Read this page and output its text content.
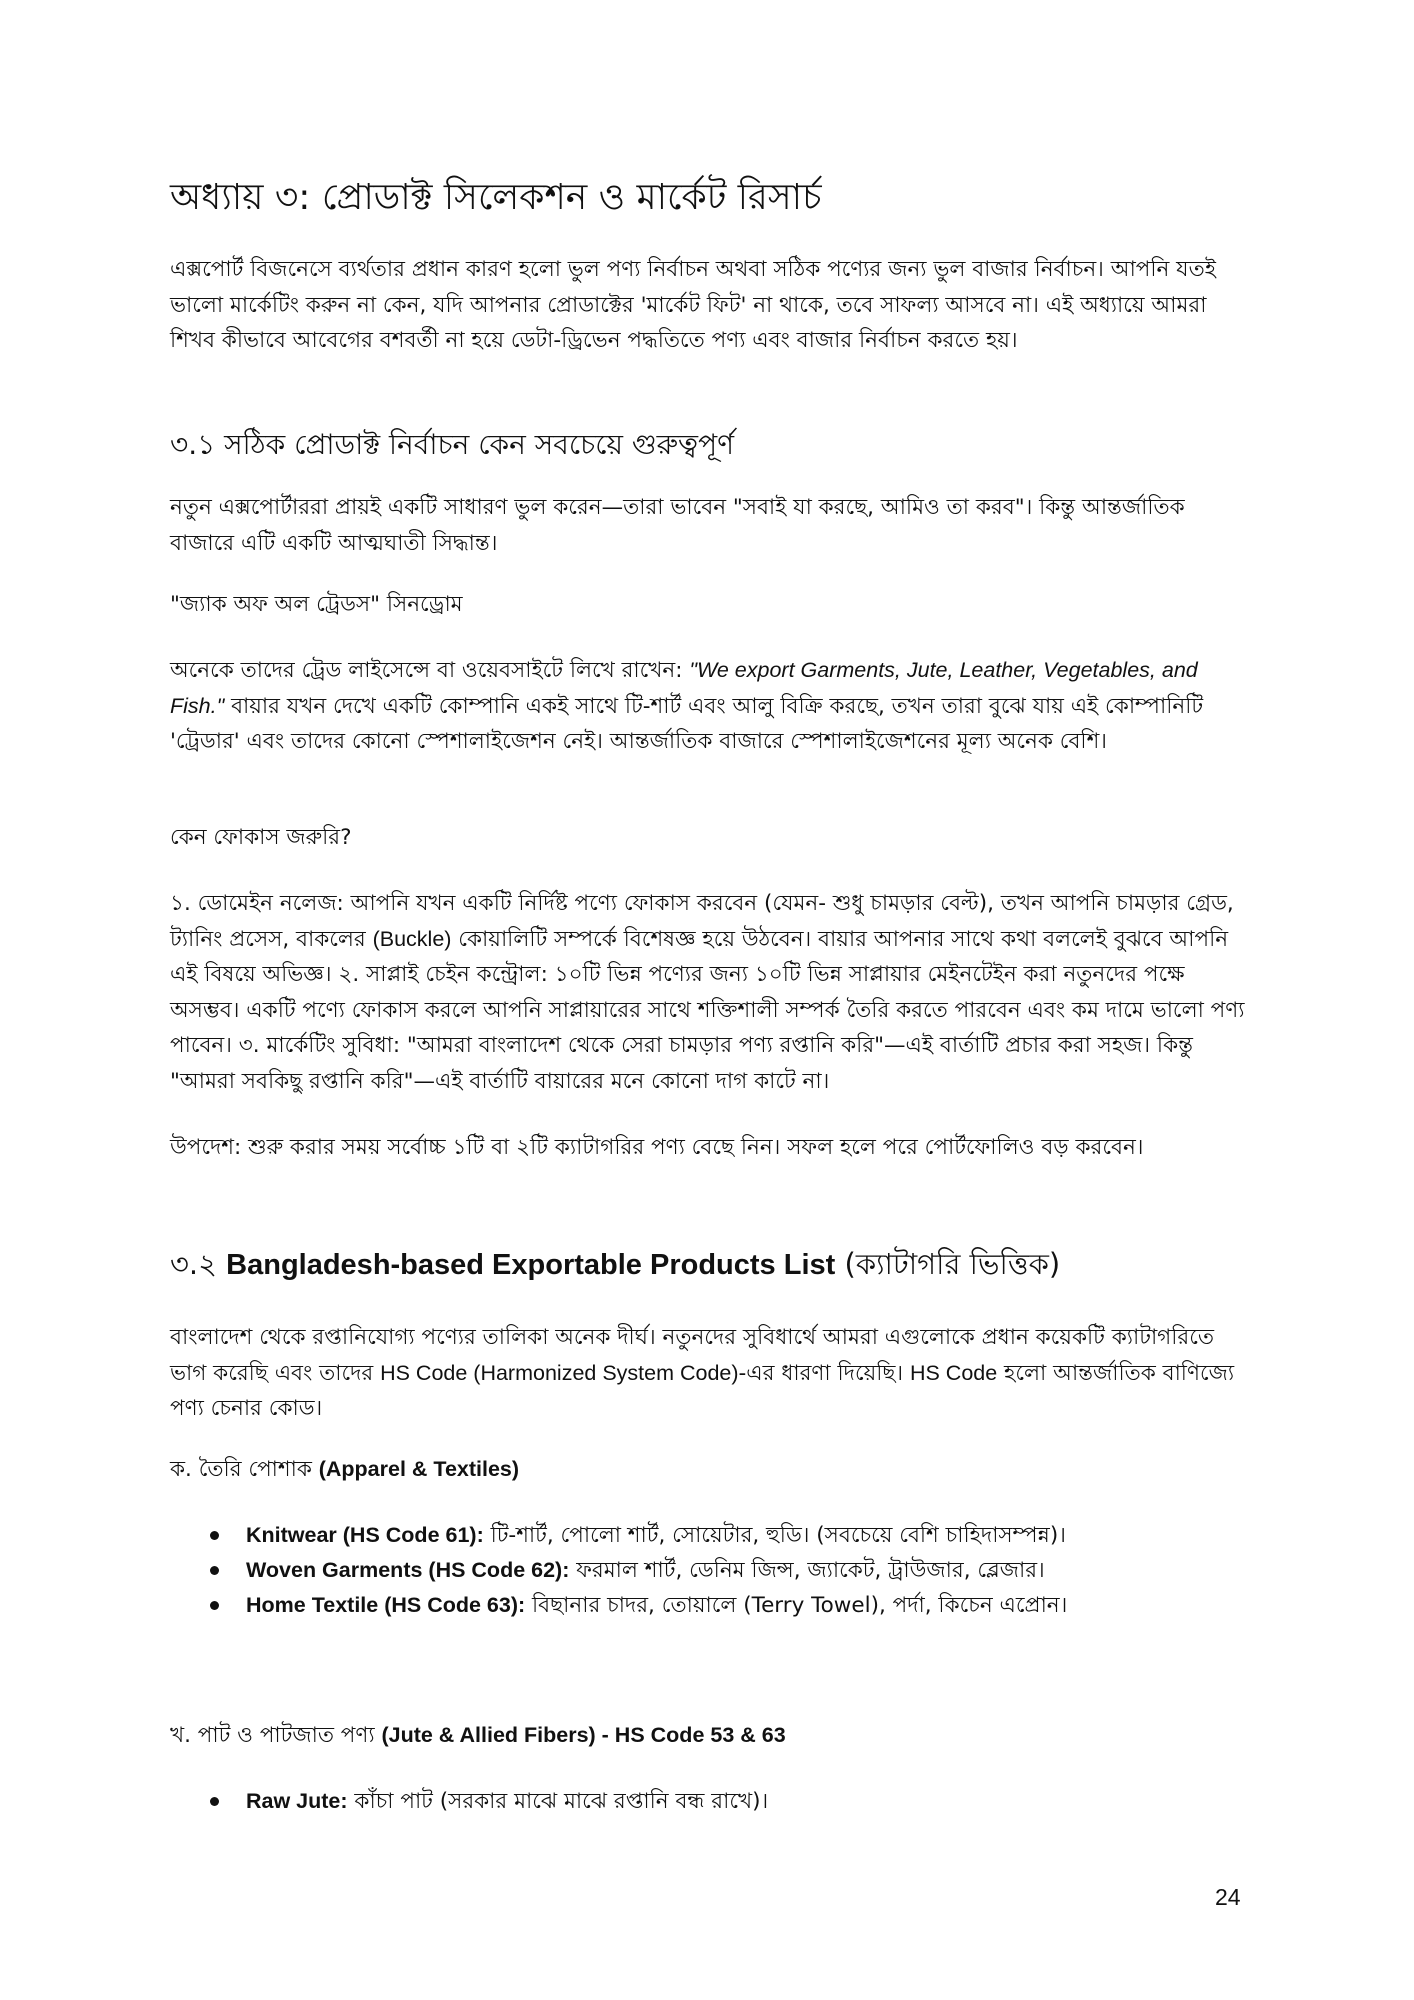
অধ্যায় ৩: প্রোডাক্ট সিলেকশন ও মার্কেট রিসার্চ

এক্সপোর্ট বিজনেসে ব্যর্থতার প্রধান কারণ হলো ভুল পণ্য নির্বাচন অথবা সঠিক পণ্যের জন্য ভুল বাজার নির্বাচন। আপনি যতই ভালো মার্কেটিং করুন না কেন, যদি আপনার প্রোডাক্টের 'মার্কেট ফিট' না থাকে, তবে সাফল্য আসবে না। এই অধ্যায়ে আমরা শিখব কীভাবে আবেগের বশবর্তী না হয়ে ডেটা-ড্রিভেন পদ্ধতিতে পণ্য এবং বাজার নির্বাচন করতে হয়।

৩.১ সঠিক প্রোডাক্ট নির্বাচন কেন সবচেয়ে গুরুত্বপূর্ণ

নতুন এক্সপোর্টাররা প্রায়ই একটি সাধারণ ভুল করেন—তারা ভাবেন "সবাই যা করছে, আমিও তা করব"। কিন্তু আন্তর্জাতিক বাজারে এটি একটি আত্মঘাতী সিদ্ধান্ত।

"জ্যাক অফ অল ট্রেডস" সিনড্রোম

অনেকে তাদের ট্রেড লাইসেন্সে বা ওয়েবসাইটে লিখে রাখেন: "We export Garments, Jute, Leather, Vegetables, and Fish." বায়ার যখন দেখে একটি কোম্পানি একই সাথে টি-শার্ট এবং আলু বিক্রি করছে, তখন তারা বুঝে যায় এই কোম্পানিটি 'ট্রেডার' এবং তাদের কোনো স্পেশালাইজেশন নেই। আন্তর্জাতিক বাজারে স্পেশালাইজেশনের মূল্য অনেক বেশি।

কেন ফোকাস জরুরি?

১. ডোমেইন নলেজ: আপনি যখন একটি নির্দিষ্ট পণ্যে ফোকাস করবেন (যেমন- শুধু চামড়ার বেল্ট), তখন আপনি চামড়ার গ্রেড, ট্যানিং প্রসেস, বাকলের (Buckle) কোয়ালিটি সম্পর্কে বিশেষজ্ঞ হয়ে উঠবেন। বায়ার আপনার সাথে কথা বললেই বুঝবে আপনি এই বিষয়ে অভিজ্ঞ। ২. সাপ্লাই চেইন কন্ট্রোল: ১০টি ভিন্ন পণ্যের জন্য ১০টি ভিন্ন সাপ্লায়ার মেইনটেইন করা নতুনদের পক্ষে অসম্ভব। একটি পণ্যে ফোকাস করলে আপনি সাপ্লায়ারের সাথে শক্তিশালী সম্পর্ক তৈরি করতে পারবেন এবং কম দামে ভালো পণ্য পাবেন। ৩. মার্কেটিং সুবিধা: "আমরা বাংলাদেশ থেকে সেরা চামড়ার পণ্য রপ্তানি করি"—এই বার্তাটি প্রচার করা সহজ। কিন্তু "আমরা সবকিছু রপ্তানি করি"—এই বার্তাটি বায়ারের মনে কোনো দাগ কাটে না।

উপদেশ: শুরু করার সময় সর্বোচ্চ ১টি বা ২টি ক্যাটাগরির পণ্য বেছে নিন। সফল হলে পরে পোর্টফোলিও বড় করবেন।

৩.২ Bangladesh-based Exportable Products List (ক্যাটাগরি ভিত্তিক)

বাংলাদেশ থেকে রপ্তানিযোগ্য পণ্যের তালিকা অনেক দীর্ঘ। নতুনদের সুবিধার্থে আমরা এগুলোকে প্রধান কয়েকটি ক্যাটাগরিতে ভাগ করেছি এবং তাদের HS Code (Harmonized System Code)-এর ধারণা দিয়েছি। HS Code হলো আন্তর্জাতিক বাণিজ্যে পণ্য চেনার কোড।

ক. তৈরি পোশাক (Apparel & Textiles)

Knitwear (HS Code 61): টি-শার্ট, পোলো শার্ট, সোয়েটার, হুডি। (সবচেয়ে বেশি চাহিদাসম্পন্ন)।
Woven Garments (HS Code 62): ফরমাল শার্ট, ডেনিম জিন্স, জ্যাকেট, ট্রাউজার, ব্লেজার।
Home Textile (HS Code 63): বিছানার চাদর, তোয়ালে (Terry Towel), পর্দা, কিচেন এপ্রোন।

খ. পাট ও পাটজাত পণ্য (Jute & Allied Fibers) - HS Code 53 & 63

Raw Jute: কাঁচা পাট (সরকার মাঝে মাঝে রপ্তানি বন্ধ রাখে)।
24
